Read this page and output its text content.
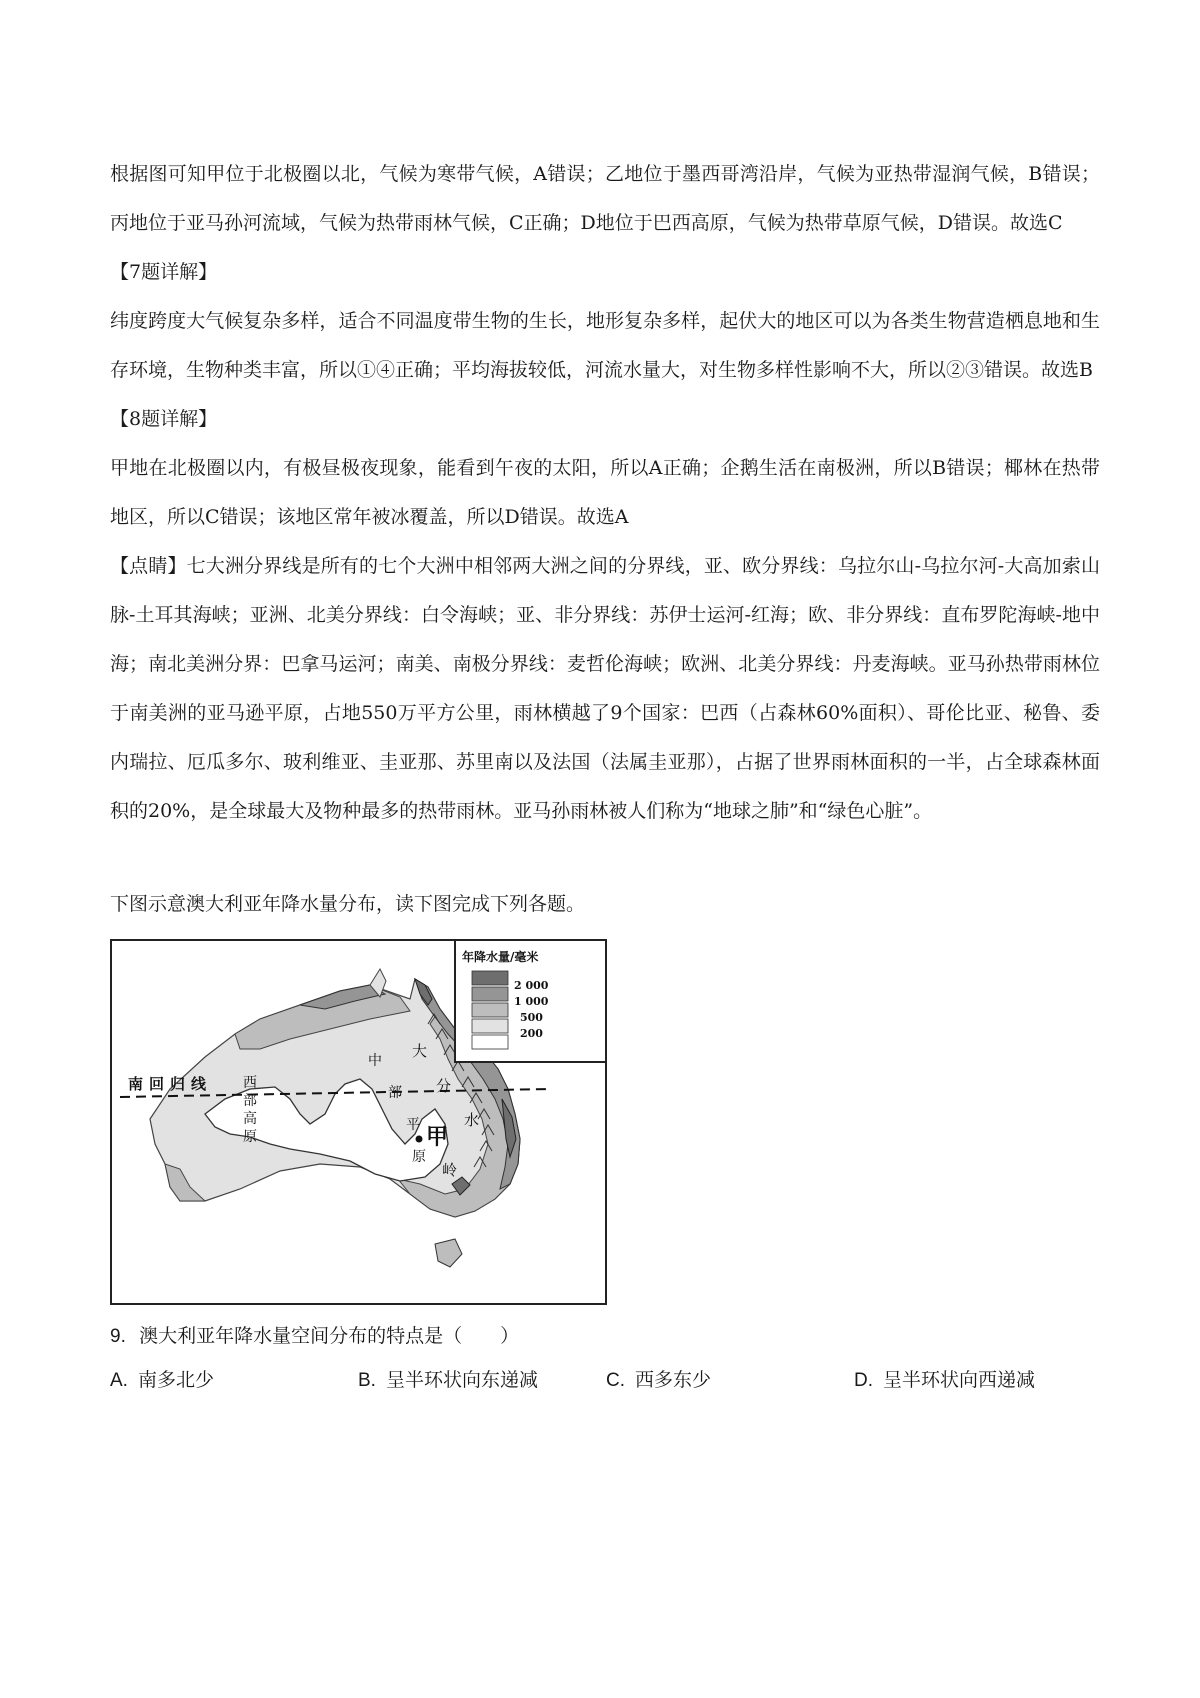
根据图可知甲位于北极圈以北，气候为寒带气候，A错误；乙地位于墨西哥湾沿岸，气候为亚热带湿润气候，B错误；丙地位于亚马孙河流域，气候为热带雨林气候，C正确；D地位于巴西高原，气候为热带草原气候，D错误。故选C

【7题详解】

纬度跨度大气候复杂多样，适合不同温度带生物的生长，地形复杂多样，起伏大的地区可以为各类生物营造栖息地和生存环境，生物种类丰富，所以①④正确；平均海拔较低，河流水量大，对生物多样性影响不大，所以②③错误。故选B

【8题详解】

甲地在北极圈以内，有极昼极夜现象，能看到午夜的太阳，所以A正确；企鹅生活在南极洲，所以B错误；椰林在热带地区，所以C错误；该地区常年被冰覆盖，所以D错误。故选A

【点睛】七大洲分界线是所有的七个大洲中相邻两大洲之间的分界线，亚、欧分界线：乌拉尔山-乌拉尔河-大高加索山脉-土耳其海峡；亚洲、北美分界线：白令海峡；亚、非分界线：苏伊士运河-红海；欧、非分界线：直布罗陀海峡-地中海；南北美洲分界：巴拿马运河；南美、南极分界线：麦哲伦海峡；欧洲、北美分界线：丹麦海峡。亚马孙热带雨林位于南美洲的亚马逊平原，占地550万平方公里，雨林横越了9个国家：巴西（占森林60%面积）、哥伦比亚、秘鲁、委内瑞拉、厄瓜多尔、玻利维亚、圭亚那、苏里南以及法国（法属圭亚那），占据了世界雨林面积的一半，占全球森林面积的20%，是全球最大及物种最多的热带雨林。亚马孙雨林被人们称为“地球之肺”和“绿色心脏”。

下图示意澳大利亚年降水量分布，读下图完成下列各题。

南回归线 西
部
高
原
中
部
平
原
大
分
水
岭
甲
年降水量/毫米
2 000
1 000
500
200
9. 澳大利亚年降水量空间分布的特点是（　　）
A. 南多北少	B. 呈半环状向东递减	C. 西多东少	D. 呈半环状向西递减
